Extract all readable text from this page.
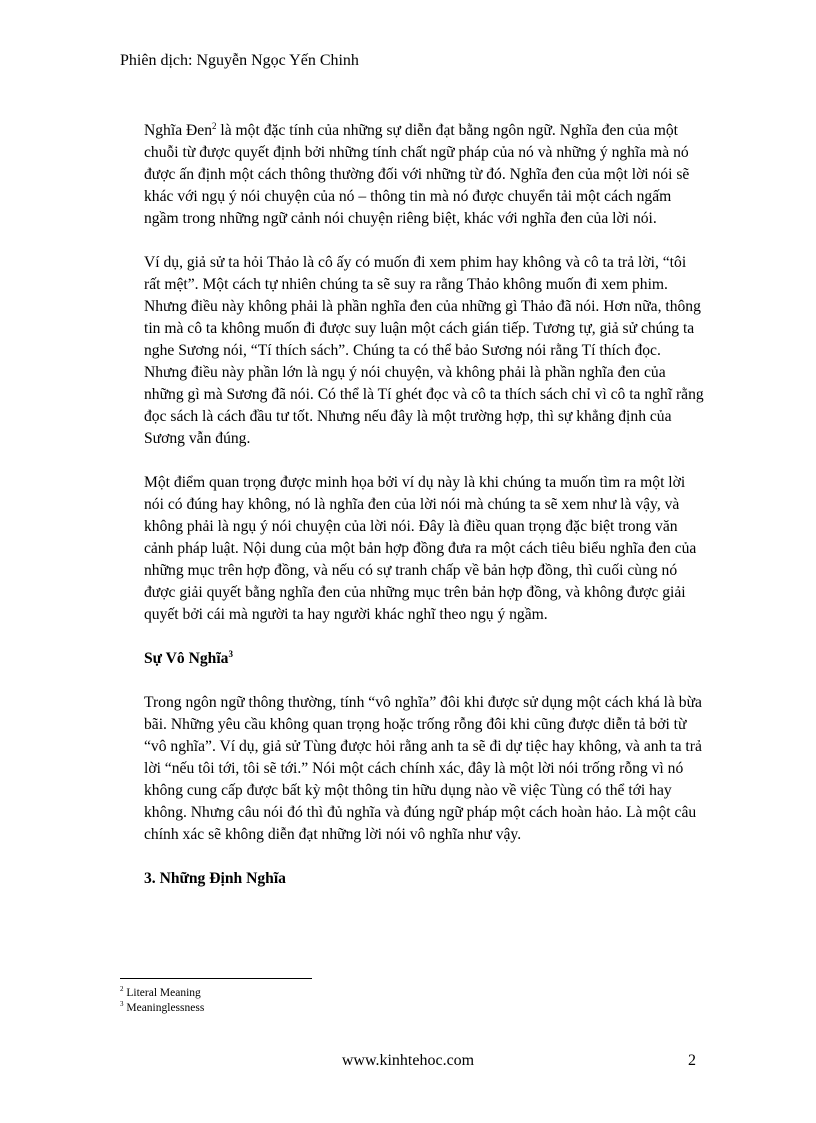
Phiên dịch: Nguyễn Ngọc Yến Chinh

Nghĩa Đen$^2$ là một đặc tính của những sự diễn đạt bằng ngôn ngữ. Nghĩa đen của một chuỗi từ được quyết định bởi những tính chất ngữ pháp của nó và những ý nghĩa mà nó được ấn định một cách thông thường đối với những từ đó. Nghĩa đen của một lời nói sẽ khác với ngụ ý nói chuyện của nó – thông tin mà nó được chuyển tải một cách ngấm ngầm trong những ngữ cảnh nói chuyện riêng biệt, khác với nghĩa đen của lời nói.

Ví dụ, giả sử ta hỏi Thảo là cô ấy có muốn đi xem phim hay không và cô ta trả lời, “tôi rất mệt”. Một cách tự nhiên chúng ta sẽ suy ra rằng Thảo không muốn đi xem phim. Nhưng điều này không phải là phần nghĩa đen của những gì Thảo đã nói. Hơn nữa, thông tin mà cô ta không muốn đi được suy luận một cách gián tiếp. Tương tự, giả sử chúng ta nghe Sương nói, “Tí thích sách”. Chúng ta có thể bảo Sương nói rằng Tí thích đọc. Nhưng điều này phần lớn là ngụ ý nói chuyện, và không phải là phần nghĩa đen của những gì mà Sương đã nói. Có thể là Tí ghét đọc và cô ta thích sách chỉ vì cô ta nghĩ rằng đọc sách là cách đầu tư tốt. Nhưng nếu đây là một trường hợp, thì sự khẳng định của Sương vẫn đúng.

Một điểm quan trọng được minh họa bởi ví dụ này là khi chúng ta muốn tìm ra một lời nói có đúng hay không, nó là nghĩa đen của lời nói mà chúng ta sẽ xem như là vậy, và không phải là ngụ ý nói chuyện của lời nói. Đây là điều quan trọng đặc biệt trong văn cảnh pháp luật. Nội dung của một bản hợp đồng đưa ra một cách tiêu biểu nghĩa đen của những mục trên hợp đồng, và nếu có sự tranh chấp về bản hợp đồng, thì cuối cùng nó được giải quyết bằng nghĩa đen của những mục trên bản hợp đồng, và không được giải quyết bởi cái mà người ta hay người khác nghĩ theo ngụ ý ngầm.

Sự Vô Nghĩa$^3$

Trong ngôn ngữ thông thường, tính “vô nghĩa” đôi khi được sử dụng một cách khá là bừa bãi. Những yêu cầu không quan trọng hoặc trống rỗng đôi khi cũng được diễn tả bởi từ “vô nghĩa”. Ví dụ, giả sử Tùng được hỏi rằng anh ta sẽ đi dự tiệc hay không, và anh ta trả lời “nếu tôi tới, tôi sẽ tới.” Nói một cách chính xác, đây là một lời nói trống rỗng vì nó không cung cấp được bất kỳ một thông tin hữu dụng nào về việc Tùng có thể tới hay không. Nhưng câu nói đó thì đủ nghĩa và đúng ngữ pháp một cách hoàn hảo. Là một câu chính xác sẽ không diễn đạt những lời nói vô nghĩa như vậy.

3. Những Định Nghĩa
$^2$ Literal Meaning
$^3$ Meaninglessness
www.kinhtehoc.com	2
